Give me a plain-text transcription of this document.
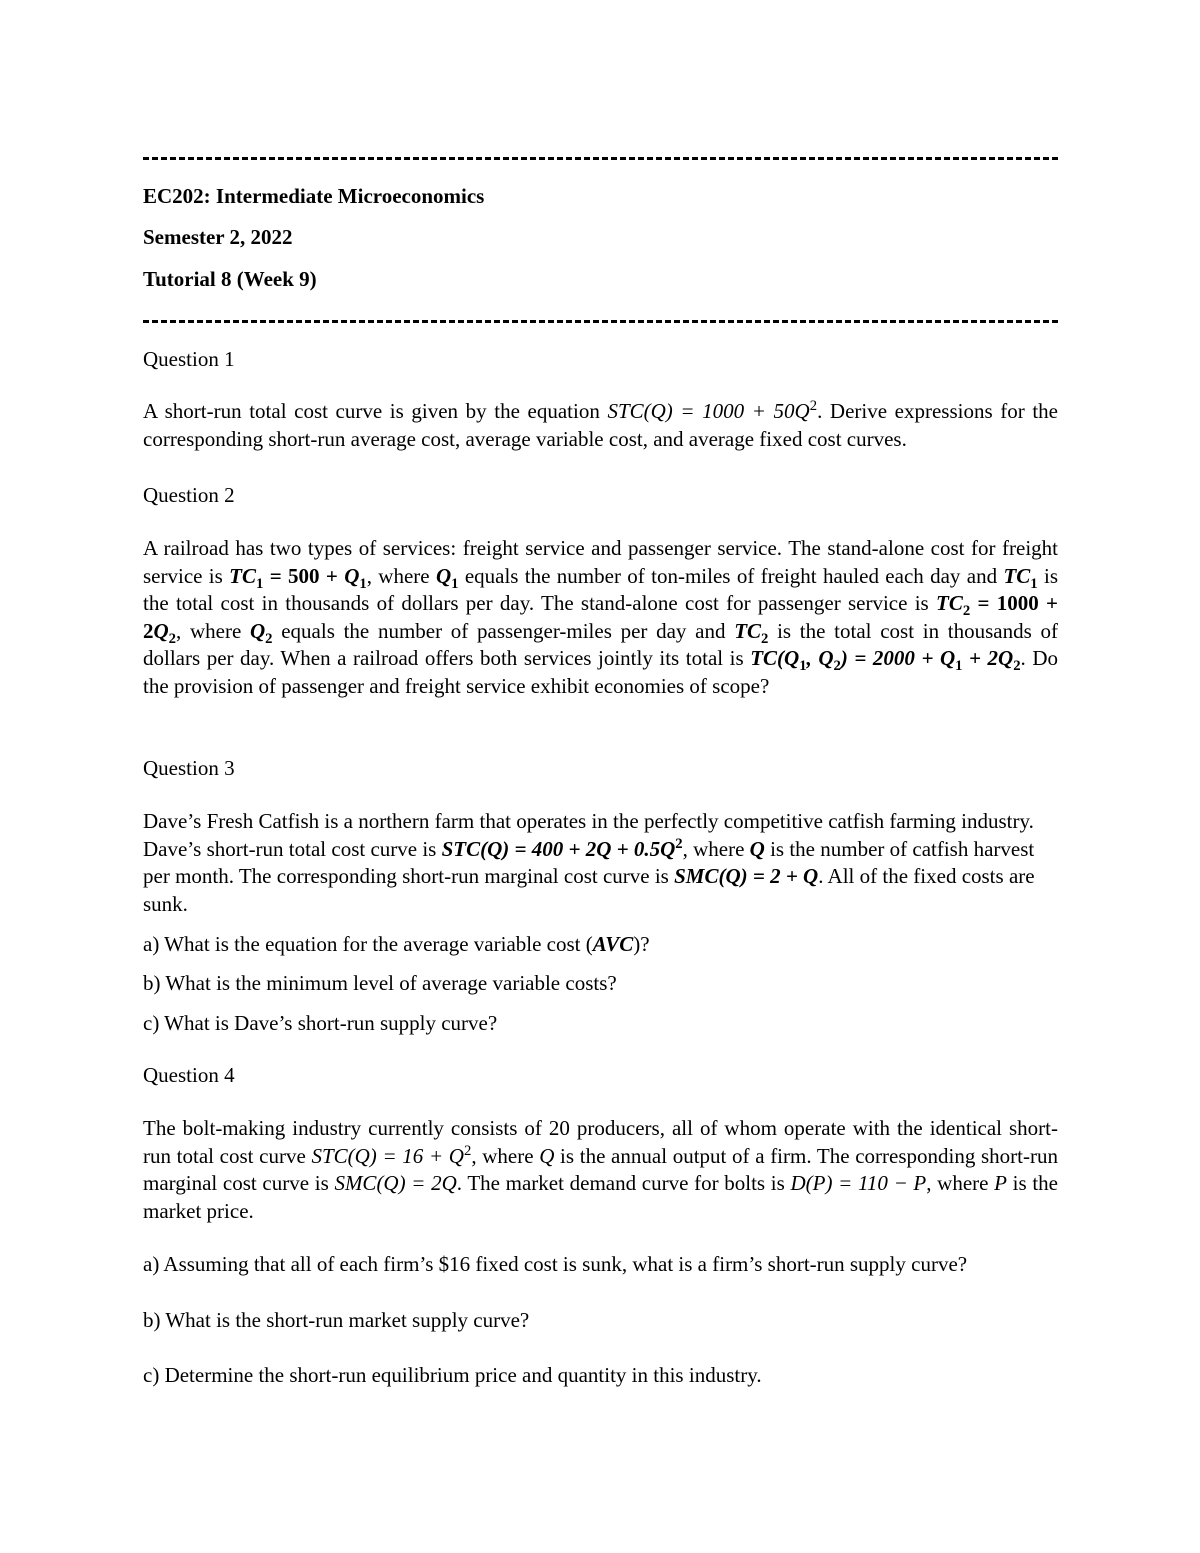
EC202: Intermediate Microeconomics

Semester 2, 2022

Tutorial 8 (Week 9)

Question 1

A short-run total cost curve is given by the equation $STC(Q) = 1000 + 50Q^2$. Derive expressions for the corresponding short-run average cost, average variable cost, and average fixed cost curves.

Question 2

A railroad has two types of services: freight service and passenger service. The stand-alone cost for freight service is $TC_1 = 500 + Q_1$, where $Q_1$ equals the number of ton-miles of freight hauled each day and $TC_1$ is the total cost in thousands of dollars per day. The stand-alone cost for passenger service is $TC_2 = 1000 + 2Q_2$, where $Q_2$ equals the number of passenger-miles per day and $TC_2$ is the total cost in thousands of dollars per day. When a railroad offers both services jointly its total is $TC(Q_1$, $Q_2) = 2000 + Q_1 + 2Q_2$. Do the provision of passenger and freight service exhibit economies of scope?

Question 3

Dave’s Fresh Catfish is a northern farm that operates in the perfectly competitive catfish farming industry. Dave’s short-run total cost curve is $STC(Q) = 400 + 2Q + 0.5Q^2$, where Q is the number of catfish harvest per month. The corresponding short-run marginal cost curve is SMC(Q) = 2 + Q. All of the fixed costs are sunk.

a) What is the equation for the average variable cost (AVC)?

b) What is the minimum level of average variable costs?

c) What is Dave’s short-run supply curve?

Question 4

The bolt-making industry currently consists of 20 producers, all of whom operate with the identical short-run total cost curve $STC(Q) = 16 + Q^2$, where Q is the annual output of a firm. The corresponding short-run marginal cost curve is SMC(Q) = 2Q. The market demand curve for bolts is D(P) = 110 − P, where P is the market price.

a) Assuming that all of each firm’s $16 fixed cost is sunk, what is a firm’s short-run supply curve?

b) What is the short-run market supply curve?

c) Determine the short-run equilibrium price and quantity in this industry.
